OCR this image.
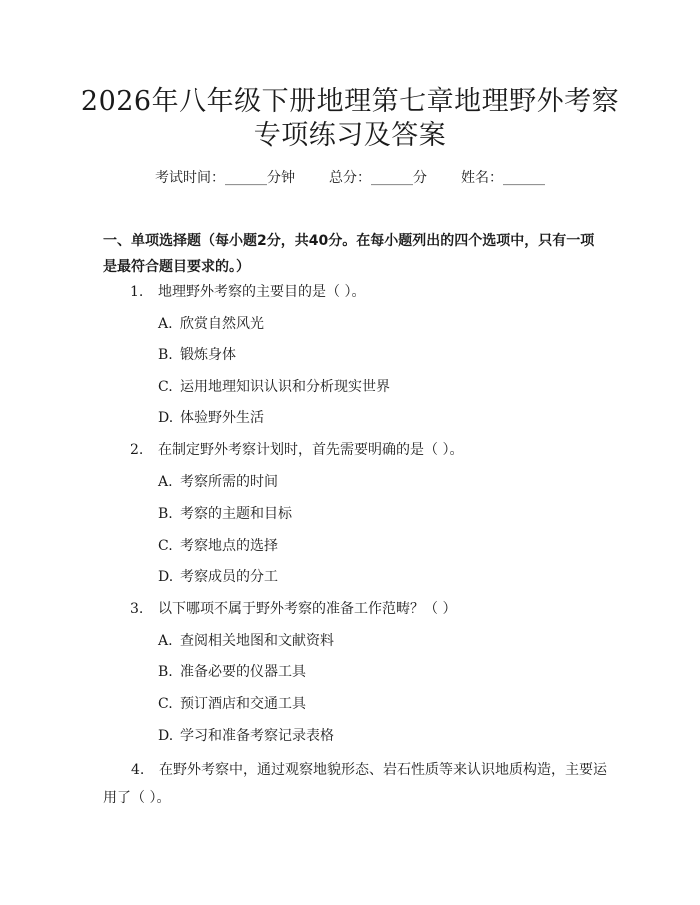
2026年八年级下册地理第七章地理野外考察
专项练习及答案
考试时间：______分钟 总分：______分 姓名：______
一、单项选择题（每小题2分，共40分。在每小题列出的四个选项中，只有一项
是最符合题目要求的。）
1. 地理野外考察的主要目的是（ ）。
A. 欣赏自然风光
B. 锻炼身体
C. 运用地理知识认识和分析现实世界
D. 体验野外生活
2. 在制定野外考察计划时，首先需要明确的是（ ）。
A. 考察所需的时间
B. 考察的主题和目标
C. 考察地点的选择
D. 考察成员的分工
3. 以下哪项不属于野外考察的准备工作范畴？（ ）
A. 查阅相关地图和文献资料
B. 准备必要的仪器工具
C. 预订酒店和交通工具
D. 学习和准备考察记录表格
4. 在野外考察中，通过观察地貌形态、岩石性质等来认识地质构造，主要运
用了（ ）。
